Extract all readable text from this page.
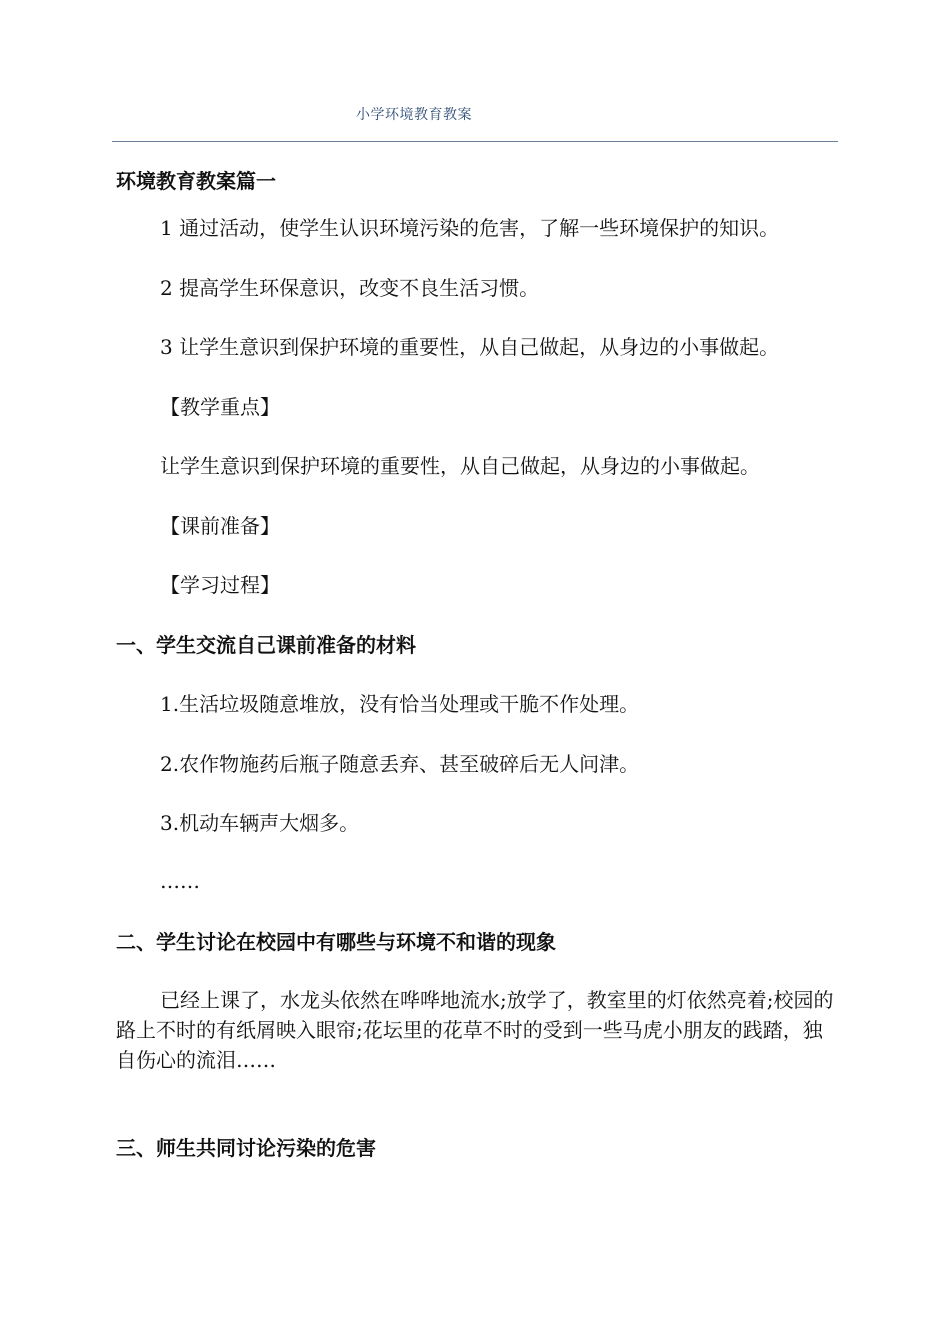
小学环境教育教案
环境教育教案篇一
1 通过活动，使学生认识环境污染的危害，了解一些环境保护的知识。
2 提高学生环保意识，改变不良生活习惯。
3 让学生意识到保护环境的重要性，从自己做起，从身边的小事做起。
【教学重点】
让学生意识到保护环境的重要性，从自己做起，从身边的小事做起。
【课前准备】
【学习过程】
一、学生交流自己课前准备的材料
1.生活垃圾随意堆放，没有恰当处理或干脆不作处理。
2.农作物施药后瓶子随意丢弃、甚至破碎后无人问津。
3.机动车辆声大烟多。
……
二、学生讨论在校园中有哪些与环境不和谐的现象
已经上课了，水龙头依然在哗哗地流水;放学了，教室里的灯依然亮着;校园的路上不时的有纸屑映入眼帘;花坛里的花草不时的受到一些马虎小朋友的践踏，独自伤心的流泪……
三、师生共同讨论污染的危害
